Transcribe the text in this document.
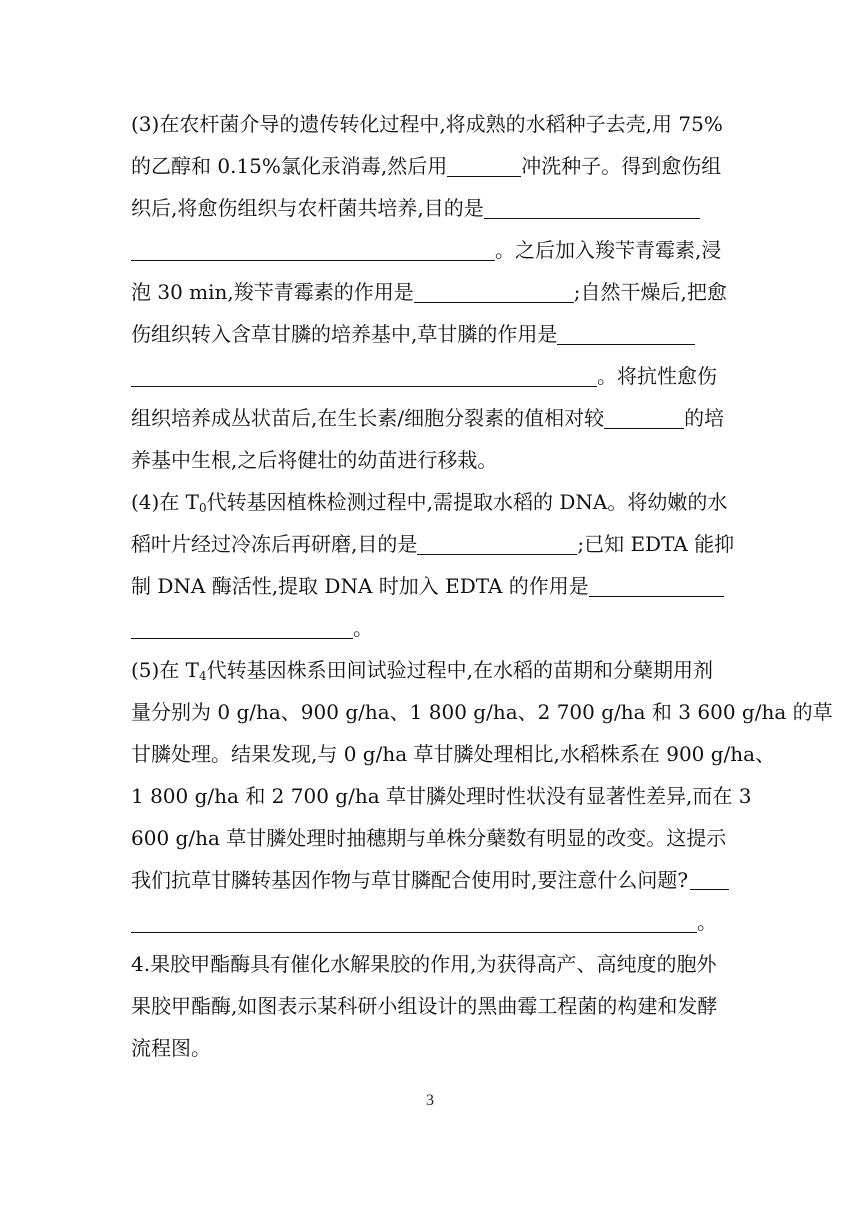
(3)在农杆菌介导的遗传转化过程中,将成熟的水稻种子去壳,用 75%
的乙醇和 0.15%氯化汞消毒,然后用	冲洗种子。得到愈伤组
织后,将愈伤组织与农杆菌共培养,目的是
。之后加入羧苄青霉素,浸
泡 30 min,羧苄青霉素的作用是	;自然干燥后,把愈
伤组织转入含草甘膦的培养基中,草甘膦的作用是
。将抗性愈伤
组织培养成丛状苗后,在生长素/细胞分裂素的值相对较	的培
养基中生根,之后将健壮的幼苗进行移栽。
(4)在 $T_0$代转基因植株检测过程中,需提取水稻的 DNA。将幼嫩的水
稻叶片经过冷冻后再研磨,目的是	;已知 EDTA 能抑
制 DNA 酶活性,提取 DNA 时加入 EDTA 的作用是
。
(5)在 $T_4$代转基因株系田间试验过程中,在水稻的苗期和分蘖期用剂
量分别为 0 g/ha、900 g/ha、1 800 g/ha、2 700 g/ha 和 3 600 g/ha 的草
甘膦处理。结果发现,与 0 g/ha 草甘膦处理相比,水稻株系在 900 g/ha、
1 800 g/ha 和 2 700 g/ha 草甘膦处理时性状没有显著性差异,而在 3
600 g/ha 草甘膦处理时抽穗期与单株分蘖数有明显的改变。这提示
我们抗草甘膦转基因作物与草甘膦配合使用时,要注意什么问题?
。
4.果胶甲酯酶具有催化水解果胶的作用,为获得高产、高纯度的胞外
果胶甲酯酶,如图表示某科研小组设计的黑曲霉工程菌的构建和发酵
流程图。
3
